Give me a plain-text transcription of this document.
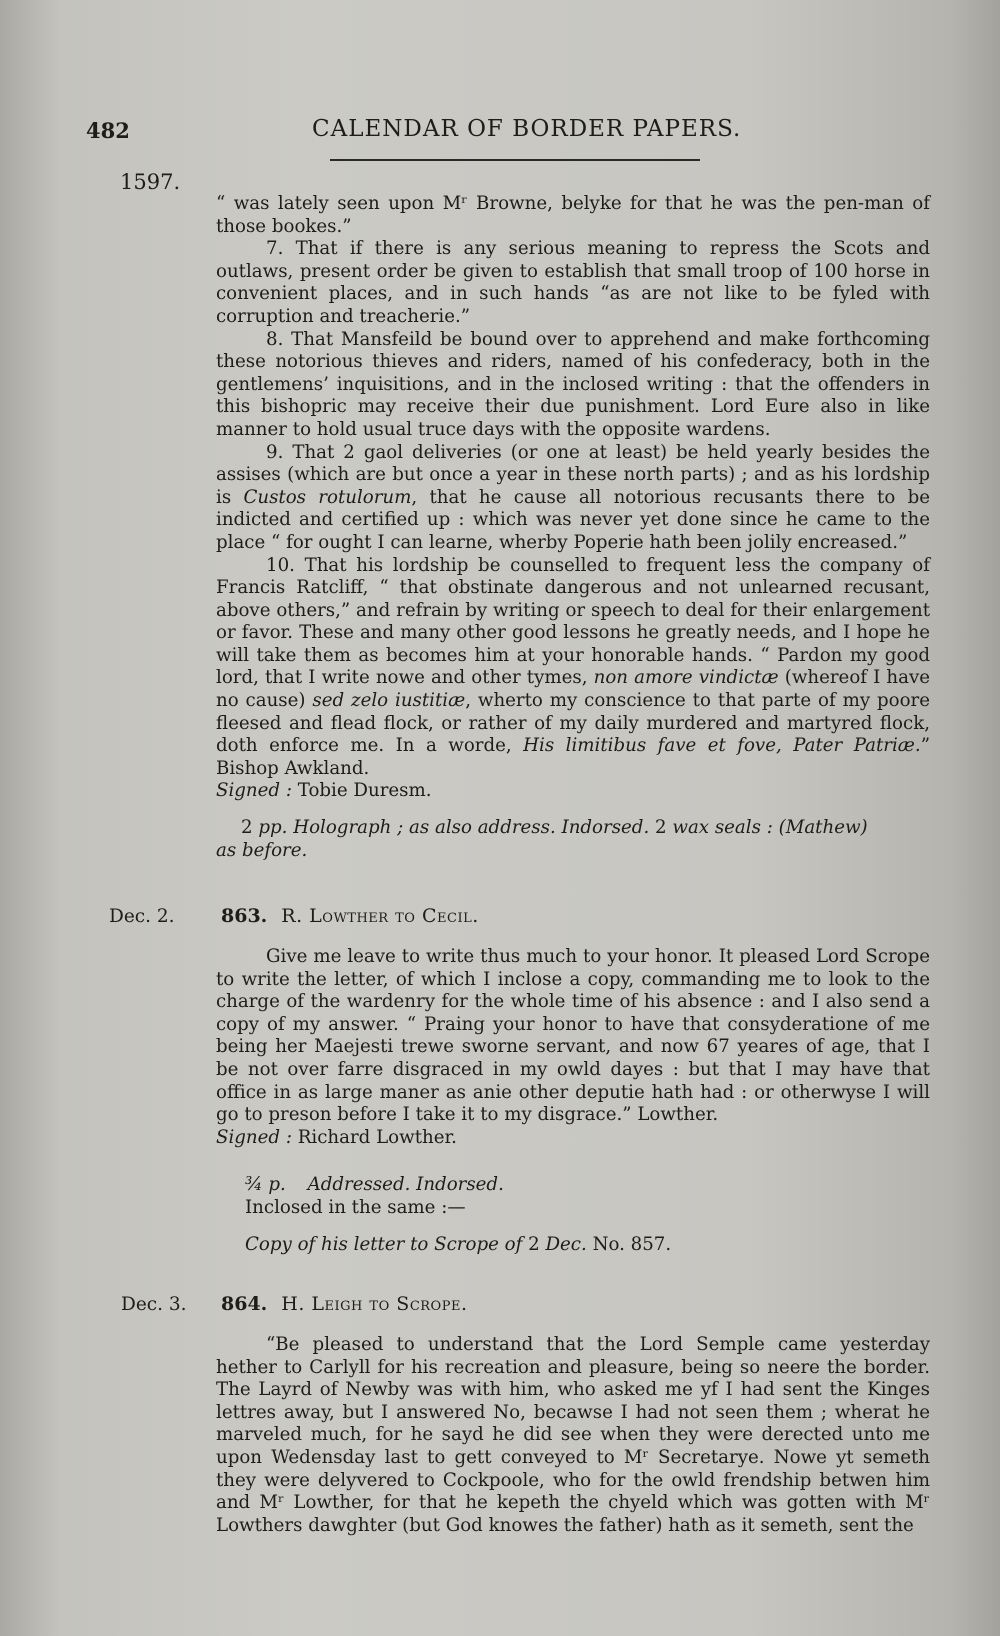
482	CALENDAR OF BORDER PAPERS.
1597.

“ was lately seen upon Mʳ Browne, belyke for that he was the pen-man of those bookes.”

7. That if there is any serious meaning to repress the Scots and outlaws, present order be given to establish that small troop of 100 horse in convenient places, and in such hands “as are not like to be fyled with corruption and treacherie.”

8. That Mansfeild be bound over to apprehend and make forthcoming these notorious thieves and riders, named of his confederacy, both in the gentlemens’ inquisitions, and in the inclosed writing : that the offenders in this bishopric may receive their due punishment. Lord Eure also in like manner to hold usual truce days with the opposite wardens.

9. That 2 gaol deliveries (or one at least) be held yearly besides the assises (which are but once a year in these north parts) ; and as his lordship is Custos rotulorum, that he cause all notorious recusants there to be indicted and certified up : which was never yet done since he came to the place “ for ought I can learne, wherby Poperie hath been jolily encreased.”

10. That his lordship be counselled to frequent less the company of Francis Ratcliff, “ that obstinate dangerous and not unlearned recusant, above others,” and refrain by writing or speech to deal for their enlargement or favor. These and many other good lessons he greatly needs, and I hope he will take them as becomes him at your honorable hands. “ Pardon my good lord, that I write nowe and other tymes, non amore vindictæ (whereof I have no cause) sed zelo iustitiæ, wherto my conscience to that parte of my poore fleesed and flead flock, or rather of my daily murdered and martyred flock, doth enforce me. In a worde, His limitibus fave et fove, Pater Patriæ.” Bishop Awkland.
Signed : Tobie Duresm.

2 pp. Holograph ; as also address. Indorsed. 2 wax seals : (Mathew)
as before.
Dec. 2. 863. R. Lowther to Cecil.

Give me leave to write thus much to your honor. It pleased Lord Scrope to write the letter, of which I inclose a copy, commanding me to look to the charge of the wardenry for the whole time of his absence : and I also send a copy of my answer. “ Praing your honor to have that consyderatione of me being her Maejesti trewe sworne servant, and now 67 yeares of age, that I be not over farre disgraced in my owld dayes : but that I may have that office in as large maner as anie other deputie hath had : or otherwyse I will go to preson before I take it to my disgrace.” Lowther.
Signed : Richard Lowther.

¾ p. Addressed. Indorsed.
Inclosed in the same :—
Copy of his letter to Scrope of 2 Dec. No. 857.
Dec. 3. 864. H. Leigh to Scrope.

“Be pleased to understand that the Lord Semple came yesterday hether to Carlyll for his recreation and pleasure, being so neere the border. The Layrd of Newby was with him, who asked me yf I had sent the Kinges lettres away, but I answered No, becawse I had not seen them ; wherat he marveled much, for he sayd he did see when they were derected unto me upon Wedensday last to gett conveyed to Mʳ Secretarye. Nowe yt semeth they were delyvered to Cockpoole, who for the owld frendship betwen him and Mʳ Lowther, for that he kepeth the chyeld which was gotten with Mʳ Lowthers dawghter (but God knowes the father) hath as it semeth, sent the
